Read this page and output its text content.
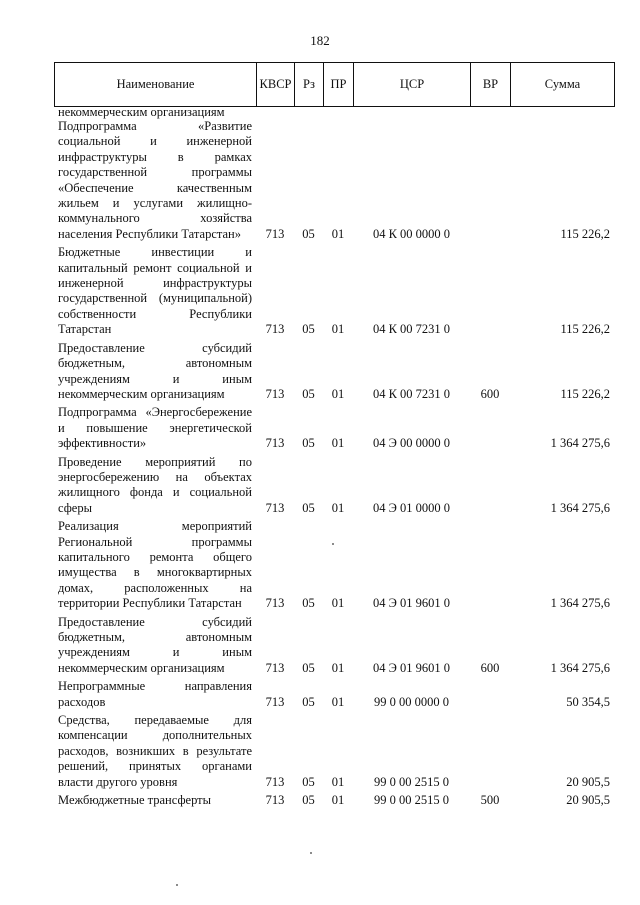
182
Наименование	КВСР	Рз	ПР	ЦСР	ВР	Сумма
некоммерческим организациям						
Подпрограмма «Развитие социальной и инженерной инфраструктуры в рамках государственной программы «Обеспечение качественным жильем и услугами жилищно-коммунального хозяйства населения Республики Татарстан»	713	05	01	04 К 00 0000 0		115 226,2
Бюджетные инвестиции и капитальный ремонт социальной и инженерной инфраструктуры государственной (муниципальной) собственности Республики Татарстан	713	05	01	04 К 00 7231 0		115 226,2
Предоставление субсидий бюджетным, автономным учреждениям и иным некоммерческим организациям	713	05	01	04 К 00 7231 0	600	115 226,2
Подпрограмма «Энергосбережение и повышение энергетической эффективности»	713	05	01	04 Э 00 0000 0		1 364 275,6
Проведение мероприятий по энергосбережению на объектах жилищного фонда и социальной сферы	713	05	01	04 Э 01 0000 0		1 364 275,6
Реализация мероприятий Региональной программы капитального ремонта общего имущества в многоквартирных домах, расположенных на территории Республики Татарстан	713	05	01	04 Э 01 9601 0		1 364 275,6
Предоставление субсидий бюджетным, автономным учреждениям и иным некоммерческим организациям	713	05	01	04 Э 01 9601 0	600	1 364 275,6
Непрограммные направления расходов	713	05	01	99 0 00 0000 0		50 354,5
Средства, передаваемые для компенсации дополнительных расходов, возникших в результате решений, принятых органами власти другого уровня	713	05	01	99 0 00 2515 0		20 905,5
Межбюджетные трансферты	713	05	01	99 0 00 2515 0	500	20 905,5
